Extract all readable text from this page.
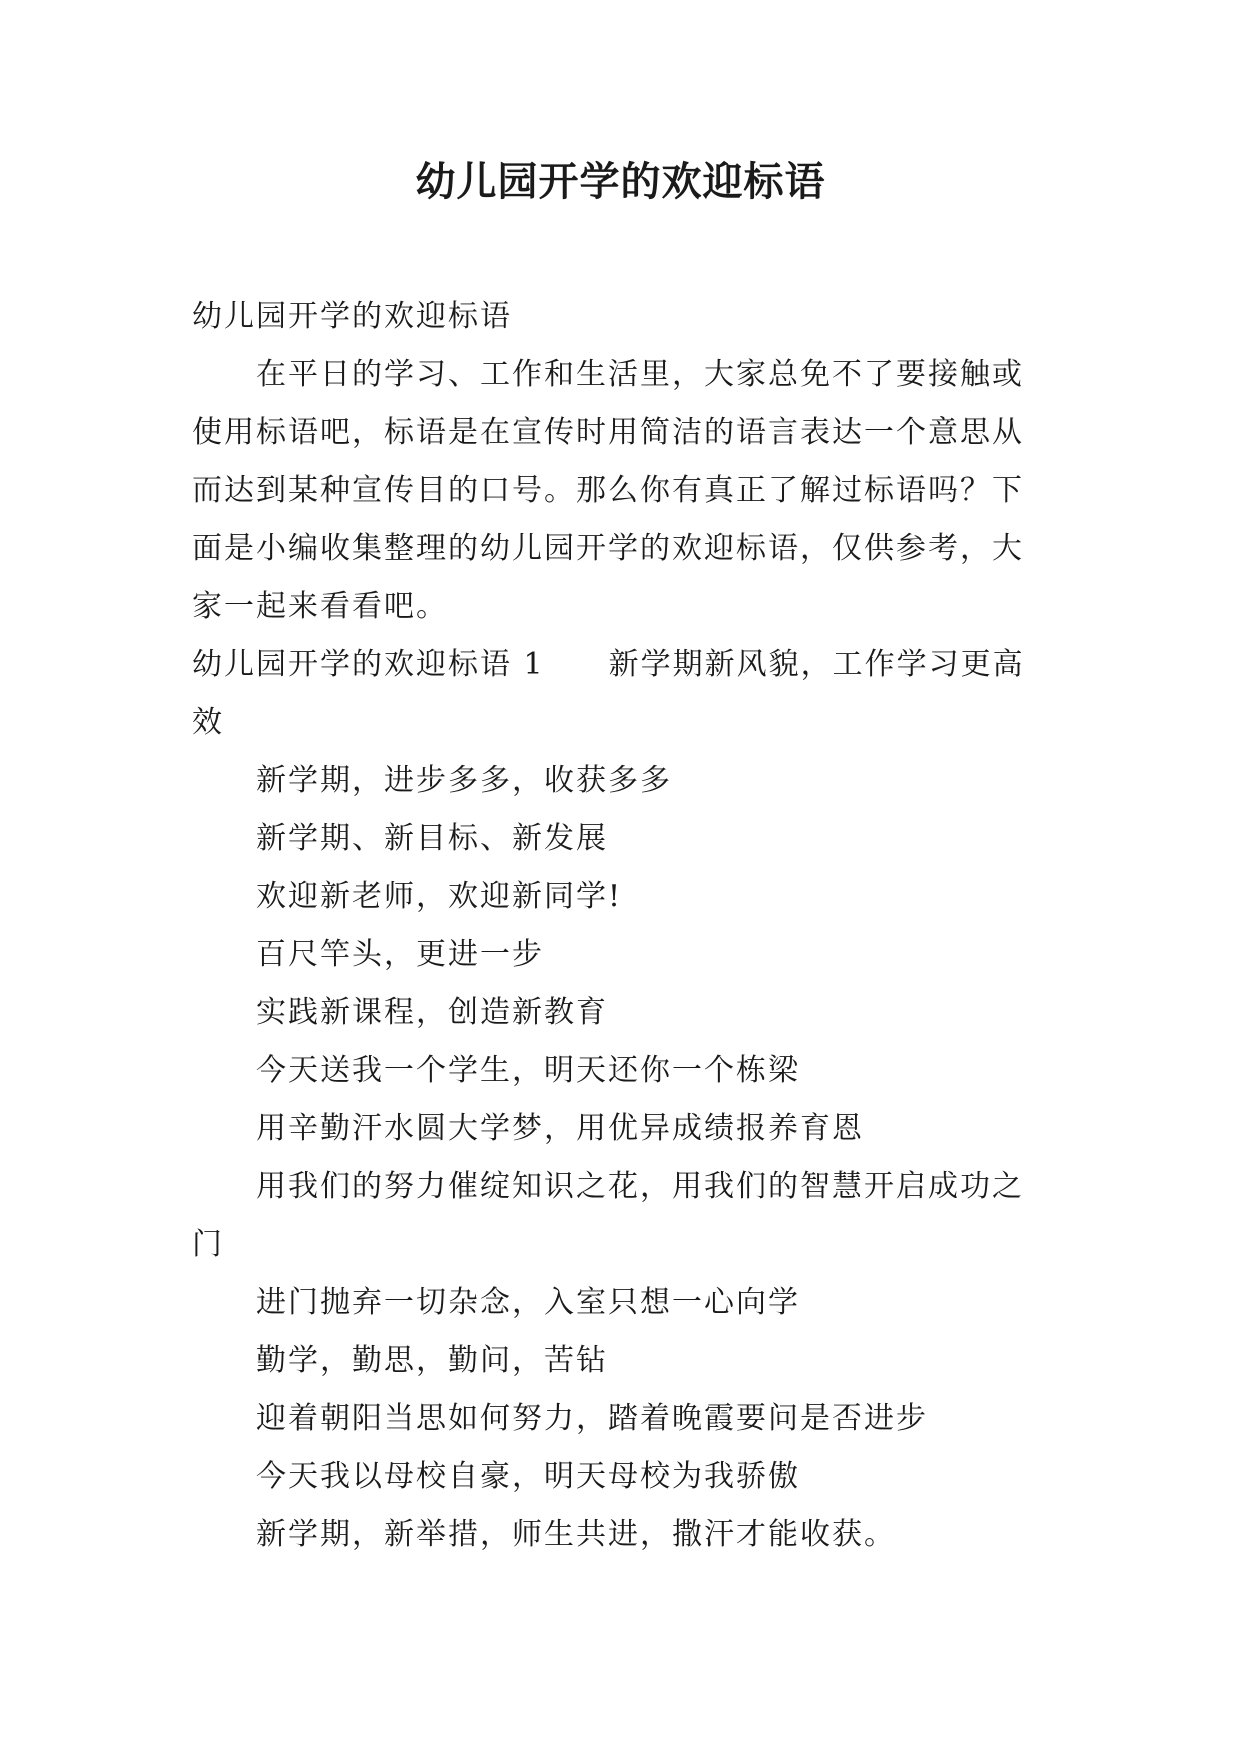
幼儿园开学的欢迎标语

幼儿园开学的欢迎标语

在平日的学习、工作和生活里，大家总免不了要接触或使用标语吧，标语是在宣传时用简洁的语言表达一个意思从而达到某种宣传目的口号。那么你有真正了解过标语吗？下面是小编收集整理的幼儿园开学的欢迎标语，仅供参考，大家一起来看看吧。

幼儿园开学的欢迎标语 1 新学期新风貌，工作学习更高效

新学期，进步多多，收获多多

新学期、新目标、新发展

欢迎新老师，欢迎新同学!

百尺竿头，更进一步

实践新课程，创造新教育

今天送我一个学生，明天还你一个栋梁

用辛勤汗水圆大学梦，用优异成绩报养育恩

用我们的努力催绽知识之花，用我们的智慧开启成功之门

进门抛弃一切杂念，入室只想一心向学

勤学，勤思，勤问，苦钻

迎着朝阳当思如何努力，踏着晚霞要问是否进步

今天我以母校自豪，明天母校为我骄傲

新学期，新举措，师生共进，撒汗才能收获。
